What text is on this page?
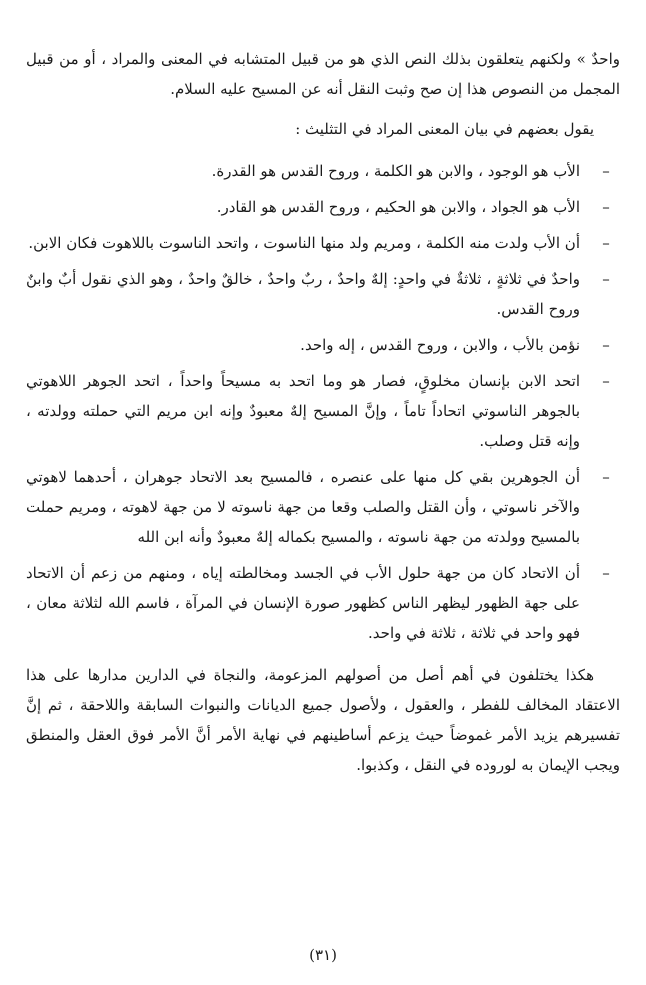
واحدٌ » ولكنهم يتعلقون بذلك النص الذي هو من قبيل المتشابه في المعنى والمراد ، أو من قبيل المجمل من النصوص هذا إن صح وثبت النقل أنه عن المسيح عليه السلام.

يقول بعضهم في بيان المعنى المراد في التثليث :

–
الأب هو الوجود ، والابن هو الكلمة ، وروح القدس هو القدرة.
–
الأب هو الجواد ، والابن هو الحكيم ، وروح القدس هو القادر.
–
أن الأب ولدت منه الكلمة ، ومريم ولد منها الناسوت ، واتحد الناسوت باللاهوت فكان الابن.
–
واحدٌ في ثلاثةٍ ، ثلاثةٌ في واحدٍ: إلهٌ واحدٌ ، ربٌ واحدٌ ، خالقٌ واحدٌ ، وهو الذي نقول أبٌ وابنٌ وروح القدس.
–
نؤمن بالأب ، والابن ، وروح القدس ، إله واحد.
–
اتحد الابن بإنسان مخلوقٍ، فصار هو وما اتحد به مسيحاً واحداً ، اتحد الجوهر اللاهوتي بالجوهر الناسوتي اتحاداً تاماً ، وإنَّ المسيح إلهٌ معبودٌ وإنه ابن مريم التي حملته وولدته ، وإنه قتل وصلب.
–
أن الجوهرين بقي كل منها على عنصره ، فالمسيح بعد الاتحاد جوهران ، أحدهما لاهوتي والآخر ناسوتي ، وأن القتل والصلب وقعا من جهة ناسوته لا من جهة لاهوته ، ومريم حملت بالمسيح وولدته من جهة ناسوته ، والمسيح بكماله إلهٌ معبودٌ وأنه ابن الله
–
أن الاتحاد كان من جهة حلول الأب في الجسد ومخالطته إياه ، ومنهم من زعم أن الاتحاد على جهة الظهور ليظهر الناس كظهور صورة الإنسان في المرآة ، فاسم الله لثلاثة معان ، فهو واحد في ثلاثة ، ثلاثة في واحد.

هكذا يختلفون في أهم أصل من أصولهم المزعومة، والنجاة في الدارين مدارها على هذا الاعتقاد المخالف للفطر ، والعقول ، ولأصول جميع الديانات والنبوات السابقة واللاحقة ، ثم إنَّ تفسيرهم يزيد الأمر غموضاً حيث يزعم أساطينهم في نهاية الأمر أنَّ الأمر فوق العقل والمنطق ويجب الإيمان به لوروده في النقل ، وكذبوا.

(٣١)
